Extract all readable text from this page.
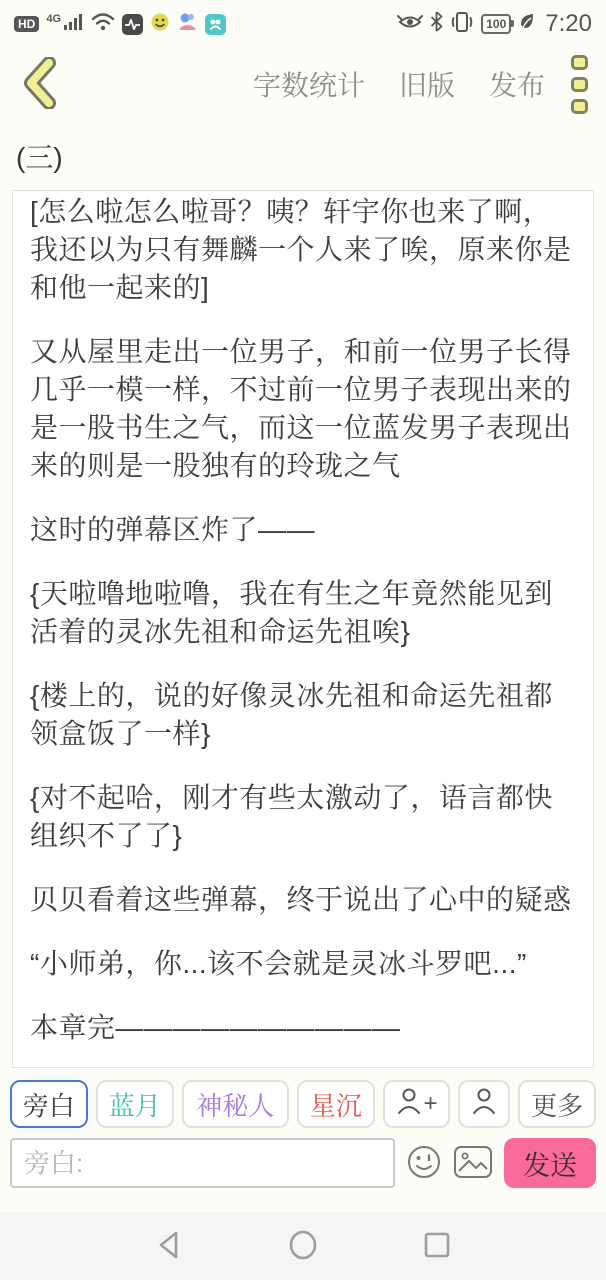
HD	4G	100 7:20
字数统计 旧版 发布
(三)

[怎么啦怎么啦哥？咦？轩宇你也来了啊，我还以为只有舞麟一个人来了唉，原来你是和他一起来的]

又从屋里走出一位男子，和前一位男子长得几乎一模一样，不过前一位男子表现出来的是一股书生之气，而这一位蓝发男子表现出来的则是一股独有的玲珑之气

这时的弹幕区炸了——

{天啦噜地啦噜，我在有生之年竟然能见到活着的灵冰先祖和命运先祖唉}

{楼上的，说的好像灵冰先祖和命运先祖都领盒饭了一样}

{对不起哈，刚才有些太激动了，语言都快组织不了了}

贝贝看着这些弹幕，终于说出了心中的疑惑

“小师弟，你...该不会就是灵冰斗罗吧...”

本章完——————————

旁白 蓝月 神秘人 星沉	+	更多
旁白:
发送
